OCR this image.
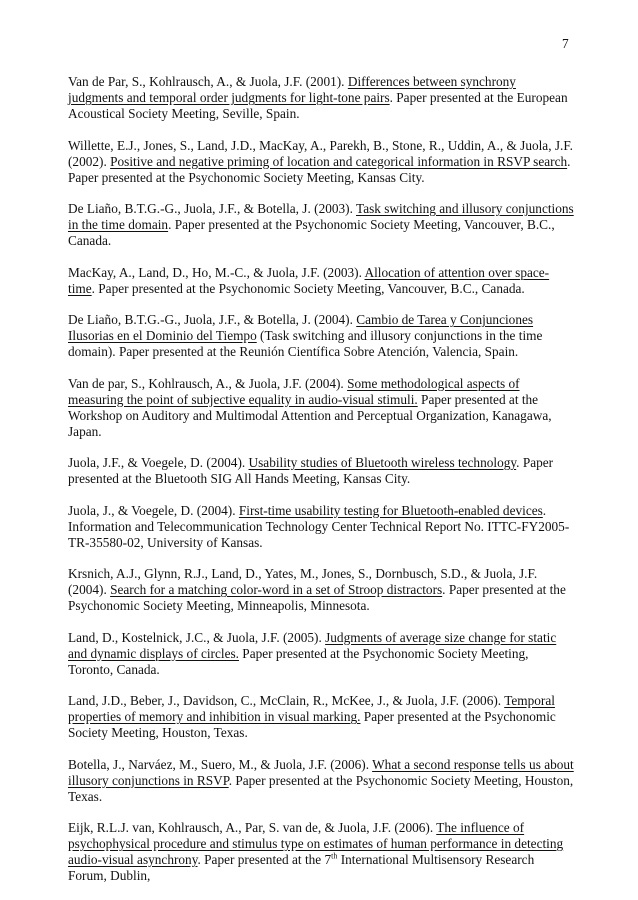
7

Van de Par, S., Kohlrausch, A., & Juola, J.F. (2001). Differences between synchrony judgments and temporal order judgments for light-tone pairs. Paper presented at the European Acoustical Society Meeting, Seville, Spain.

Willette, E.J., Jones, S., Land, J.D., MacKay, A., Parekh, B., Stone, R., Uddin, A., & Juola, J.F. (2002). Positive and negative priming of location and categorical information in RSVP search. Paper presented at the Psychonomic Society Meeting, Kansas City.

De Liaño, B.T.G.-G., Juola, J.F., & Botella, J. (2003). Task switching and illusory conjunctions in the time domain. Paper presented at the Psychonomic Society Meeting, Vancouver, B.C., Canada.

MacKay, A., Land, D., Ho, M.-C., & Juola, J.F. (2003). Allocation of attention over space-time. Paper presented at the Psychonomic Society Meeting, Vancouver, B.C., Canada.

De Liaño, B.T.G.-G., Juola, J.F., & Botella, J. (2004). Cambio de Tarea y Conjunciones Ilusorias en el Dominio del Tiempo (Task switching and illusory conjunctions in the time domain). Paper presented at the Reunión Científica Sobre Atención, Valencia, Spain.

Van de par, S., Kohlrausch, A., & Juola, J.F. (2004). Some methodological aspects of measuring the point of subjective equality in audio-visual stimuli. Paper presented at the Workshop on Auditory and Multimodal Attention and Perceptual Organization, Kanagawa, Japan.

Juola, J.F., & Voegele, D. (2004). Usability studies of Bluetooth wireless technology. Paper presented at the Bluetooth SIG All Hands Meeting, Kansas City.

Juola, J., & Voegele, D. (2004). First-time usability testing for Bluetooth-enabled devices. Information and Telecommunication Technology Center Technical Report No. ITTC-FY2005-TR-35580-02, University of Kansas.

Krsnich, A.J., Glynn, R.J., Land, D., Yates, M., Jones, S., Dornbusch, S.D., & Juola, J.F. (2004). Search for a matching color-word in a set of Stroop distractors. Paper presented at the Psychonomic Society Meeting, Minneapolis, Minnesota.

Land, D., Kostelnick, J.C., & Juola, J.F. (2005). Judgments of average size change for static and dynamic displays of circles. Paper presented at the Psychonomic Society Meeting, Toronto, Canada.

Land, J.D., Beber, J., Davidson, C., McClain, R., McKee, J., & Juola, J.F. (2006). Temporal properties of memory and inhibition in visual marking. Paper presented at the Psychonomic Society Meeting, Houston, Texas.

Botella, J., Narváez, M., Suero, M., & Juola, J.F. (2006). What a second response tells us about illusory conjunctions in RSVP. Paper presented at the Psychonomic Society Meeting, Houston, Texas.

Eijk, R.L.J. van, Kohlrausch, A., Par, S. van de, & Juola, J.F. (2006). The influence of psychophysical procedure and stimulus type on estimates of human performance in detecting audio-visual asynchrony. Paper presented at the 7th International Multisensory Research Forum, Dublin,
